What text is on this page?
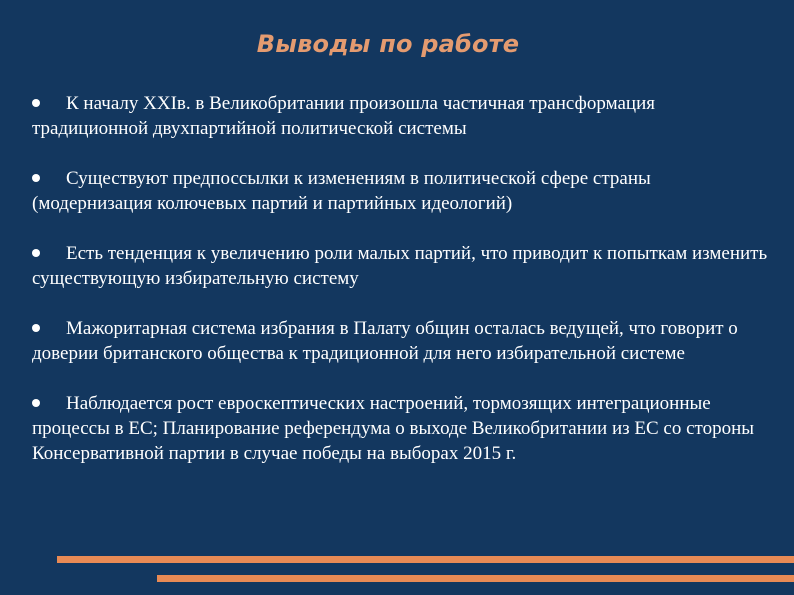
Выводы по работе
К началу XXIв. в Великобритании произошла частичная трансформация традиционной двухпартийной политической системы
Существуют предпоссылки к изменениям в политической сфере страны (модернизация колючевых партий и партийных идеологий)
Есть тенденция к увеличению роли малых партий, что приводит к попыткам изменить существующую избирательную систему
Мажоритарная система избрания в Палату общин осталась ведущей, что говорит о доверии британского общества к традиционной для него избирательной системе
Наблюдается рост евроскептических настроений, тормозящих интеграционные процессы в ЕС; Планирование референдума о выходе Великобритании из ЕС со стороны Консервативной партии в случае победы на выборах 2015 г.
